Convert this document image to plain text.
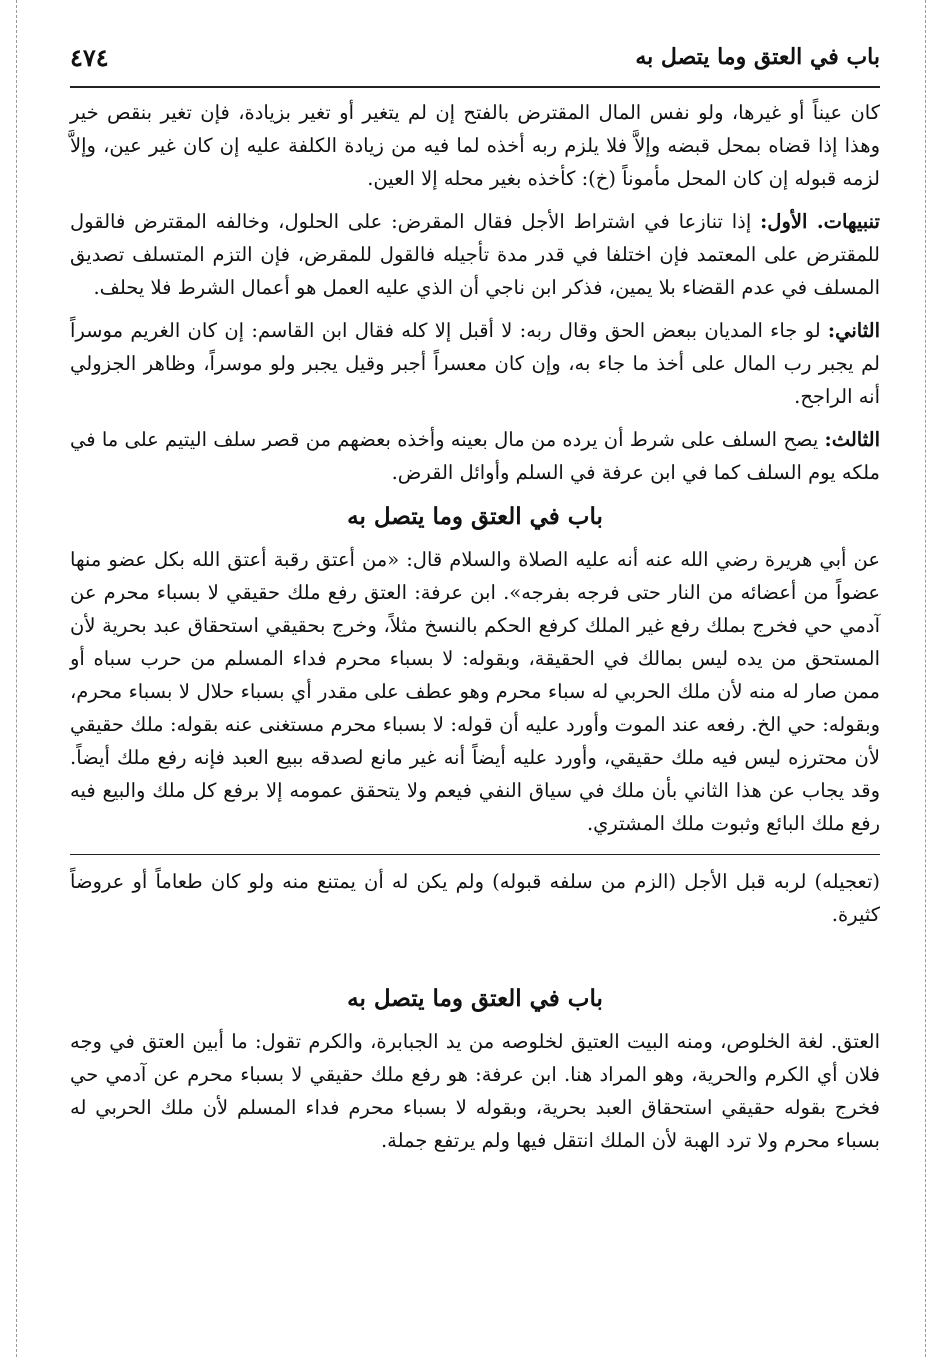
باب في العتق وما يتصل به
٤٧٤

كان عيناً أو غيرها، ولو نفس المال المقترض بالفتح إن لم يتغير أو تغير بزيادة، فإن تغير بنقص خير وهذا إذا قضاه بمحل قبضه وإلاَّ فلا يلزم ربه أخذه لما فيه من زيادة الكلفة عليه إن كان غير عين، وإلاَّ لزمه قبوله إن كان المحل مأموناً (خ): كأخذه بغير محله إلا العين.

تنبيهات. الأول: إذا تنازعا في اشتراط الأجل فقال المقرض: على الحلول، وخالفه المقترض فالقول للمقترض على المعتمد فإن اختلفا في قدر مدة تأجيله فالقول للمقرض، فإن التزم المتسلف تصديق المسلف في عدم القضاء بلا يمين، فذكر ابن ناجي أن الذي عليه العمل هو أعمال الشرط فلا يحلف.

الثاني: لو جاء المديان ببعض الحق وقال ربه: لا أقبل إلا كله فقال ابن القاسم: إن كان الغريم موسراً لم يجبر رب المال على أخذ ما جاء به، وإن كان معسراً أجبر وقيل يجبر ولو موسراً، وظاهر الجزولي أنه الراجح.

الثالث: يصح السلف على شرط أن يرده من مال بعينه وأخذه بعضهم من قصر سلف اليتيم على ما في ملكه يوم السلف كما في ابن عرفة في السلم وأوائل القرض.

باب في العتق وما يتصل به

عن أبي هريرة رضي الله عنه أنه عليه الصلاة والسلام قال: «من أعتق رقبة أعتق الله بكل عضو منها عضواً من أعضائه من النار حتى فرجه بفرجه». ابن عرفة: العتق رفع ملك حقيقي لا بسباء محرم عن آدمي حي فخرج بملك رفع غير الملك كرفع الحكم بالنسخ مثلاً، وخرج بحقيقي استحقاق عبد بحرية لأن المستحق من يده ليس بمالك في الحقيقة، وبقوله: لا بسباء محرم فداء المسلم من حرب سباه أو ممن صار له منه لأن ملك الحربي له سباء محرم وهو عطف على مقدر أي بسباء حلال لا بسباء محرم، وبقوله: حي الخ. رفعه عند الموت وأورد عليه أن قوله: لا بسباء محرم مستغنى عنه بقوله: ملك حقيقي لأن محترزه ليس فيه ملك حقيقي، وأورد عليه أيضاً أنه غير مانع لصدقه ببيع العبد فإنه رفع ملك أيضاً. وقد يجاب عن هذا الثاني بأن ملك في سياق النفي فيعم ولا يتحقق عمومه إلا برفع كل ملك والبيع فيه رفع ملك البائع وثبوت ملك المشتري.

(تعجيله) لربه قبل الأجل (الزم من سلفه قبوله) ولم يكن له أن يمتنع منه ولو كان طعاماً أو عروضاً كثيرة.

باب في العتق وما يتصل به

العتق. لغة الخلوص، ومنه البيت العتيق لخلوصه من يد الجبابرة، والكرم تقول: ما أبين العتق في وجه فلان أي الكرم والحرية، وهو المراد هنا. ابن عرفة: هو رفع ملك حقيقي لا بسباء محرم عن آدمي حي فخرج بقوله حقيقي استحقاق العبد بحرية، وبقوله لا بسباء محرم فداء المسلم لأن ملك الحربي له بسباء محرم ولا ترد الهبة لأن الملك انتقل فيها ولم يرتفع جملة.
